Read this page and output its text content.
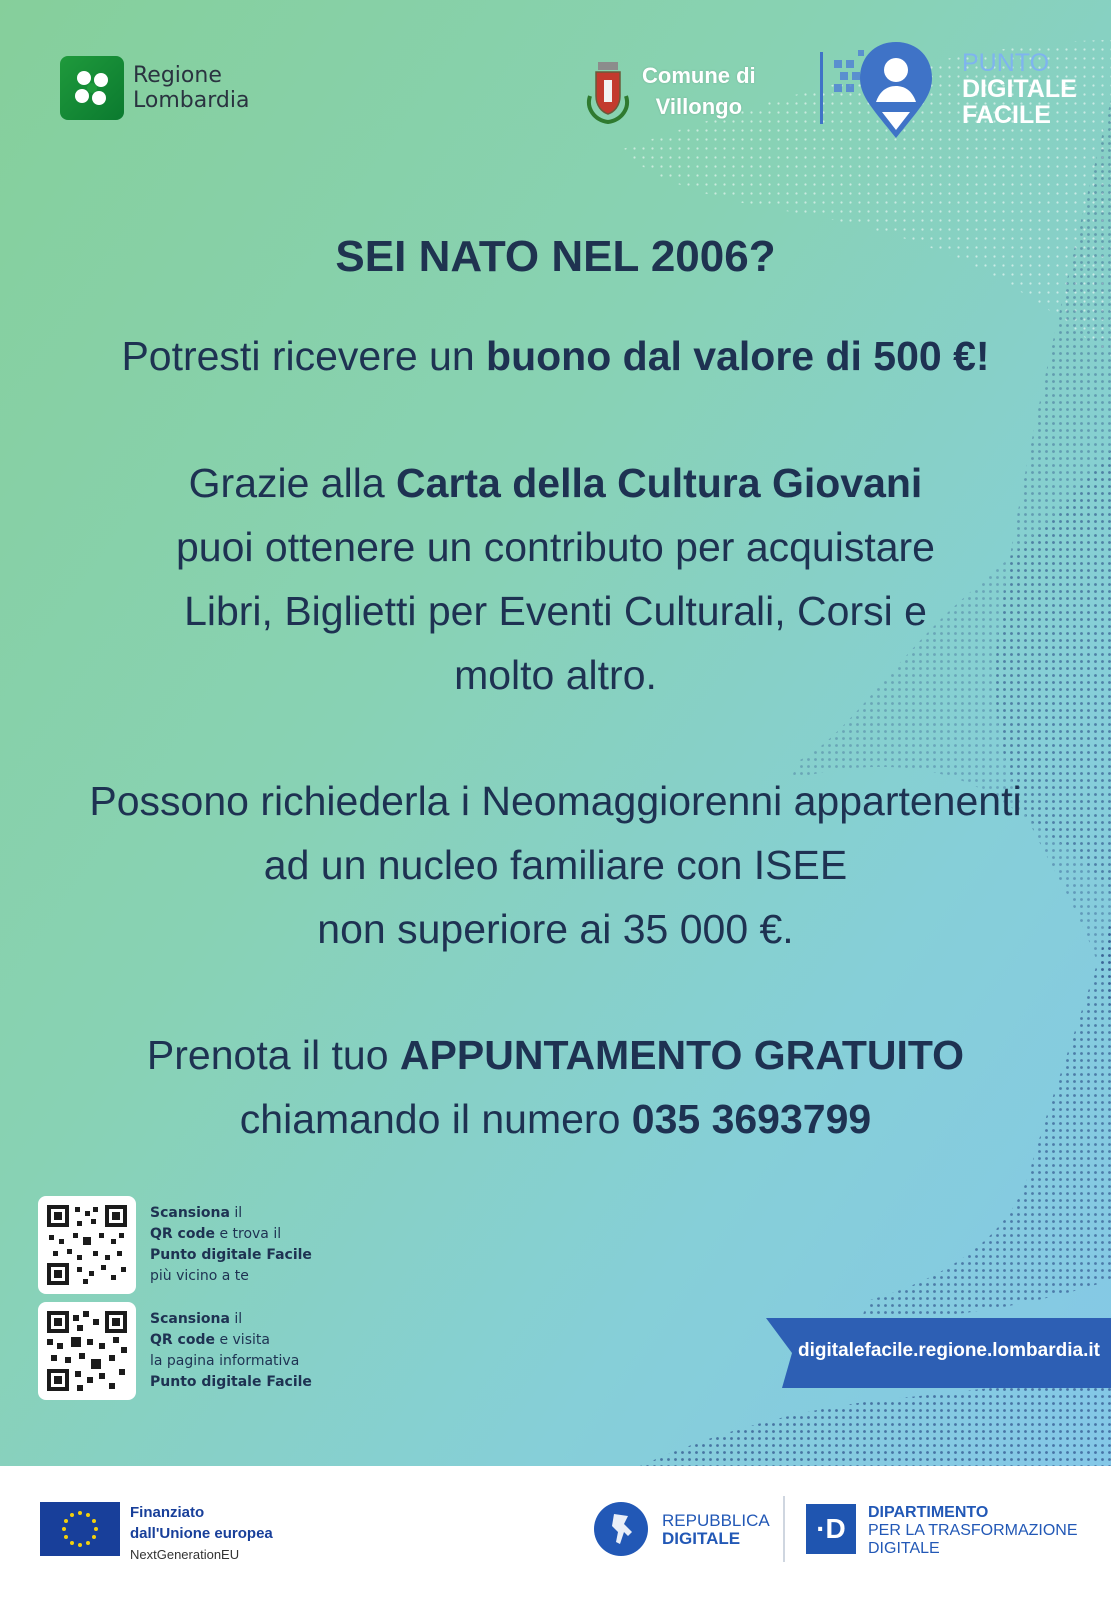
Regione
Lombardia
Comune di
Villongo
PUNTO
DIGITALE
FACILE
SEI NATO NEL 2006?
Potresti ricevere un buono dal valore di 500 €!
Grazie alla Carta della Cultura Giovani
puoi ottenere un contributo per acquistare
Libri, Biglietti per Eventi Culturali, Corsi e
molto altro.
Possono richiederla i Neomaggiorenni appartenenti
ad un nucleo familiare con ISEE
non superiore ai 35 000 €.
Prenota il tuo APPUNTAMENTO GRATUITO
chiamando il numero 035 3693799
Scansiona il
QR code e trova il
Punto digitale Facile
più vicino a te
Scansiona il
QR code e visita
la pagina informativa
Punto digitale Facile
digitalefacile.regione.lombardia.it
Finanziato
dall'Unione europea
NextGenerationEU
REPUBBLICA
DIGITALE	·D
DIPARTIMENTO
PER LA TRASFORMAZIONE
DIGITALE
